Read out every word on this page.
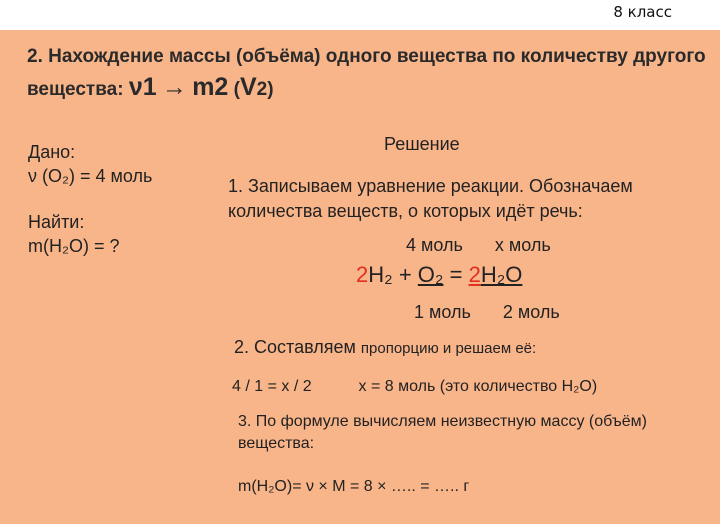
8 класс
2. Нахождение массы (объёма) одного вещества по количеству другого вещества: ν1 → m2 (V2)
Дано:
ν (O₂) = 4 моль
Найти:
m(H₂O) = ?
Решение
1. Записываем уравнение реакции. Обозначаем количества веществ, о которых идёт речь:
4 моль x моль
2H₂ + O₂ = 2H₂O
1 моль 2 моль
2. Составляем пропорцию и решаем её:
4 / 1 = x / 2	x = 8 моль (это количество H₂O)
3. По формуле вычисляем неизвестную массу (объём) вещества:
m(H₂O)= ν × M = 8 × ….. = ….. г
